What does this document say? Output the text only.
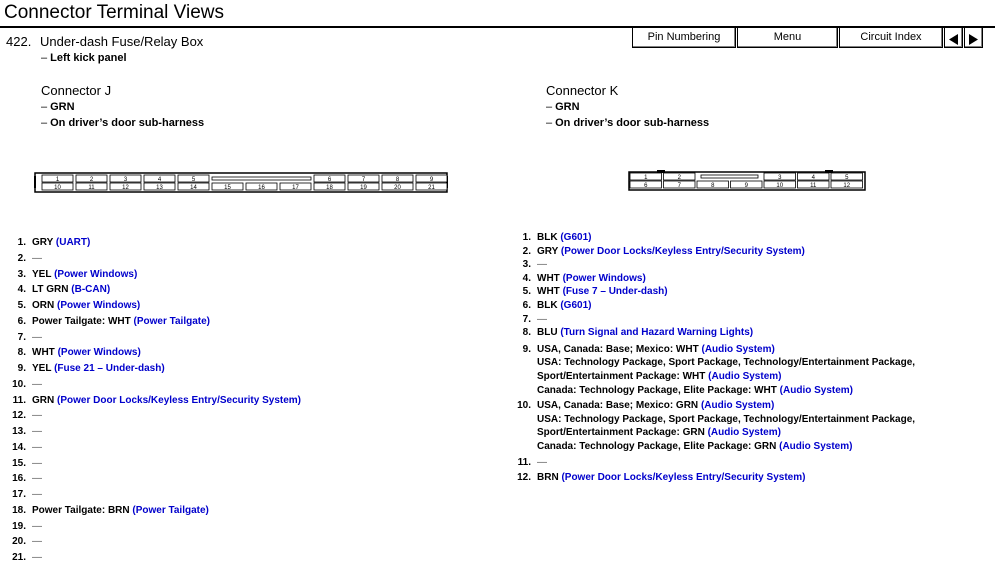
Connector Terminal Views
Pin Numbering	Menu	Circuit Index
422. Under-dash Fuse/Relay Box
– Left kick panel
Connector J
– GRN
– On driver’s door sub-harness
Connector K
– GRN
– On driver’s door sub-harness
1	2	3	4	5	6	7	8	9
10	11	12	13	14	15	16	17	18	19	20	21
1	2	3	4	5
6	7	8	9	10	11	12
1. GRY (UART)
2. —
3. YEL (Power Windows)
4. LT GRN (B-CAN)
5. ORN (Power Windows)
6. Power Tailgate: WHT (Power Tailgate)
7. —
8. WHT (Power Windows)
9. YEL (Fuse 21 – Under-dash)
10. —
11. GRN (Power Door Locks/Keyless Entry/Security System)
12. —
13. —
14. —
15. —
16. —
17. —
18. Power Tailgate: BRN (Power Tailgate)
19. —
20. —
21. —
1. BLK (G601)
2. GRY (Power Door Locks/Keyless Entry/Security System)
3. —
4. WHT (Power Windows)
5. WHT (Fuse 7 – Under-dash)
6. BLK (G601)
7. —
8. BLU (Turn Signal and Hazard Warning Lights)
9. USA, Canada: Base; Mexico: WHT (Audio System)
USA: Technology Package, Sport Package, Technology/Entertainment Package,
Sport/Entertainment Package: WHT (Audio System)
Canada: Technology Package, Elite Package: WHT (Audio System)
10. USA, Canada: Base; Mexico: GRN (Audio System)
USA: Technology Package, Sport Package, Technology/Entertainment Package,
Sport/Entertainment Package: GRN (Audio System)
Canada: Technology Package, Elite Package: GRN (Audio System)
11. —
12. BRN (Power Door Locks/Keyless Entry/Security System)
